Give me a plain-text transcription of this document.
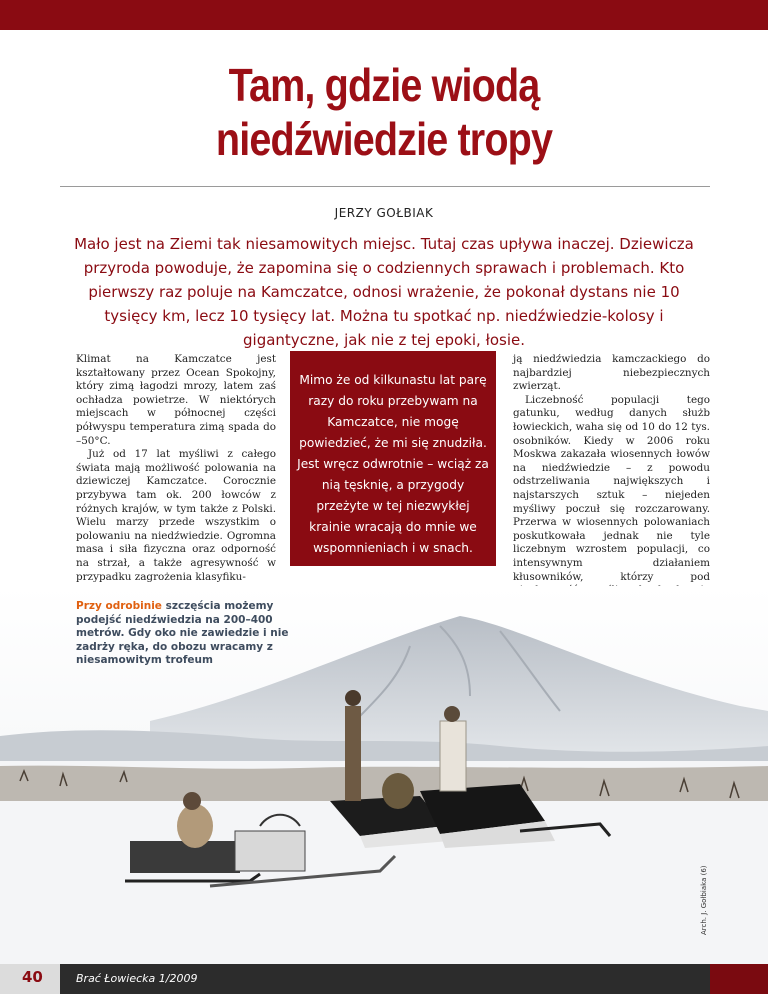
Tam, gdzie wiodą
niedźwiedzie tropy
JERZY GOŁBIAK
Mało jest na Ziemi tak niesamowitych miejsc. Tutaj czas upływa inaczej. Dziewicza przyroda powoduje, że zapomina się o codziennych sprawach i problemach. Kto pierwszy raz poluje na Kamczatce, odnosi wrażenie, że pokonał dystans nie 10 tysięcy km, lecz 10 tysięcy lat. Można tu spotkać np. niedźwiedzie-kolosy i gigantyczne, jak nie z tej epoki, łosie.

Klimat na Kamczatce jest kształtowany przez Ocean Spokojny, który zimą łagodzi mrozy, latem zaś ochładza powietrze. W niektórych miejscach w północnej części półwyspu temperatura zimą spada do –50°C.

Już od 17 lat myśliwi z całego świata mają możliwość polowania na dziewiczej Kamczatce. Corocznie przybywa tam ok. 200 łowców z różnych krajów, w tym także z Polski. Wielu marzy przede wszystkim o polowaniu na niedźwiedzie. Ogromna masa i siła fizyczna oraz odporność na strzał, a także agresywność w przypadku zagrożenia klasyfiku-

Mimo że od kilkunastu lat parę razy do roku przebywam na Kamczatce, nie mogę powiedzieć, że mi się znudziła. Jest wręcz odwrotnie – wciąż za nią tęsknię, a przygody przeżyte w tej niezwykłej krainie wracają do mnie we wspomnieniach i w snach.

ją niedźwiedzia kamczackiego do najbardziej niebezpiecznych zwierząt.

Liczebność populacji tego gatunku, według danych służb łowieckich, waha się od 10 do 12 tys. osobników. Kiedy w 2006 roku Moskwa zakazała wiosennych łowów na niedźwiedzie – z powodu odstrzeliwania największych i najstarszych sztuk – niejeden myśliwy poczuł się rozczarowany. Przerwa w wiosennych polowaniach poskutkowała jednak nie tyle liczebnym wzrostem populacji, co intensywnym działaniem kłusowników, którzy pod

Przy odrobinie szczęścia możemy podejść niedźwiedzia na 200–400 metrów. Gdy oko nie zawiedzie i nie zadrży ręka, do obozu wracamy z niesamowitym trofeum
Arch. J. Gołbiaka (6)
40	Brać Łowiecka 1/2009
